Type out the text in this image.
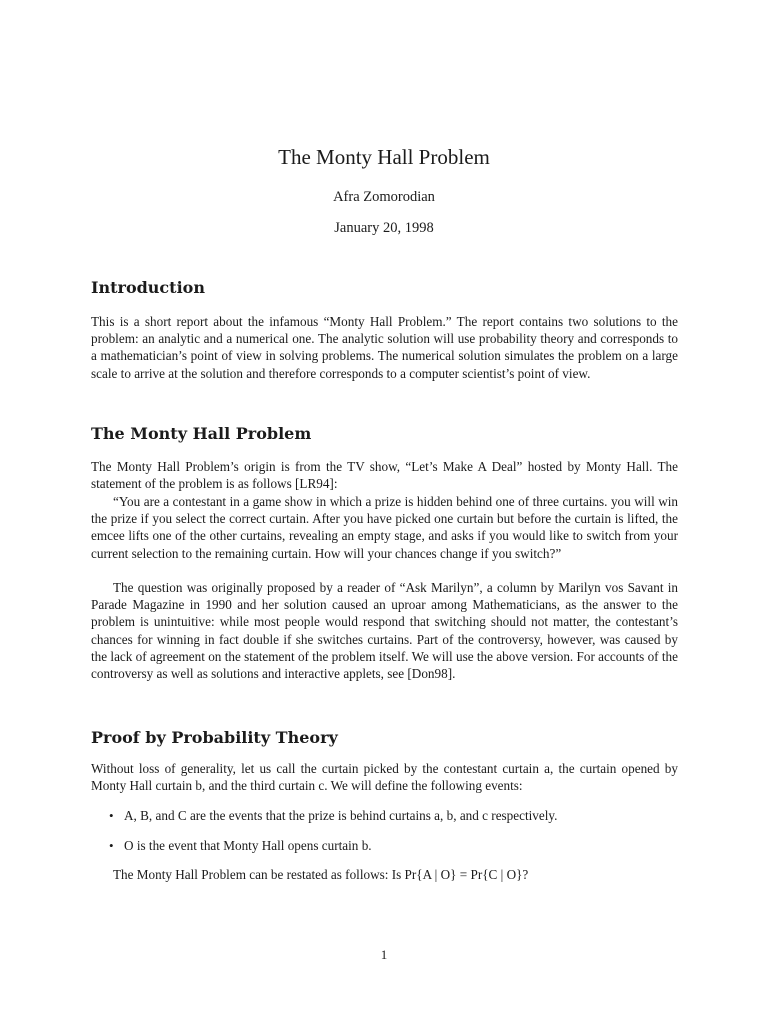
The Monty Hall Problem
Afra Zomorodian
January 20, 1998
Introduction

This is a short report about the infamous “Monty Hall Problem.” The report contains two solutions to the problem: an analytic and a numerical one. The analytic solution will use probability theory and corresponds to a mathematician’s point of view in solving problems. The numerical solution simulates the problem on a large scale to arrive at the solution and therefore corresponds to a computer scientist’s point of view.

The Monty Hall Problem

The Monty Hall Problem’s origin is from the TV show, “Let’s Make A Deal” hosted by Monty Hall. The statement of the problem is as follows [LR94]:

“You are a contestant in a game show in which a prize is hidden behind one of three curtains. you will win the prize if you select the correct curtain. After you have picked one curtain but before the curtain is lifted, the emcee lifts one of the other curtains, revealing an empty stage, and asks if you would like to switch from your current selection to the remaining curtain. How will your chances change if you switch?”

The question was originally proposed by a reader of “Ask Marilyn”, a column by Marilyn vos Savant in Parade Magazine in 1990 and her solution caused an uproar among Mathematicians, as the answer to the problem is unintuitive: while most people would respond that switching should not matter, the contestant’s chances for winning in fact double if she switches curtains. Part of the controversy, however, was caused by the lack of agreement on the statement of the problem itself. We will use the above version. For accounts of the controversy as well as solutions and interactive applets, see [Don98].

Proof by Probability Theory

Without loss of generality, let us call the curtain picked by the contestant curtain a, the curtain opened by Monty Hall curtain b, and the third curtain c. We will define the following events:

• A, B, and C are the events that the prize is behind curtains a, b, and c respectively.
• O is the event that Monty Hall opens curtain b.

The Monty Hall Problem can be restated as follows: Is Pr{A | O} = Pr{C | O}?

1
